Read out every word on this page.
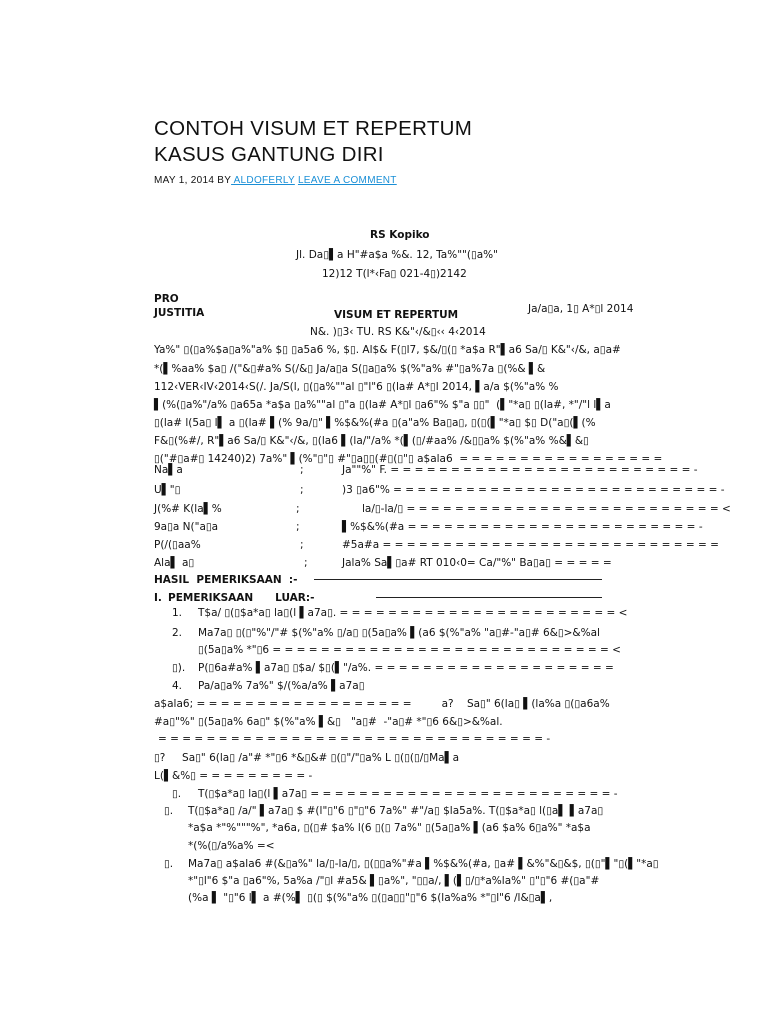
CONTOH VISUM ET REPERTUM
KASUS GANTUNG DIRI
MAY 1, 2014 BY ALDOFERLY LEAVE A COMMENT
RS Kopiko
Jl. Da▯▌a H"#a$a %&. 12, Ta%""(▯a%"
12)12 T(l*‹Fa▯ 021-4▯)2142
Ja/a▯a, 1▯ A*▯l 2014
PRO
JUSTITIA	VISUM ET REPERTUM
N&. )▯3‹ TU. RS K&"‹/&▯‹‹ 4‹2014
Ya%" ▯(▯a%$a▯a%"a% $▯ ▯a5a6 %, $▯. Al$& F(▯l7, $&/▯(▯ *a$a R"▌a6 Sa/▯ K&"‹/&, a▯a#
*(▌%aa% $a▯ /("&▯#a% S(/&▯ Ja/a▯a S(▯a▯a% $(%"a% #"▯a%7a ▯(%& ▌&
112‹VER‹IV‹2014‹S(/. Ja/S(l, ▯(▯a%""al ▯"l"6 ▯(la# A*▯l 2014, ▌a/a $(%"a% %
▌(%(▯a%"/a% ▯a65a *a$a ▯a%""al ▯"a ▯(la# A*▯l ▯a6"% $"a ▯▯"  (▌"*a▯ ▯(la#, *"/"l l▌a
▯(la# l(5a▯ l▌ a ▯(la# ▌(% 9a/▯" ▌%$&%(#a ▯(a"a% Ba▯a▯, ▯(▯(▌"*a▯ $▯ D("a▯(▌(%
F&▯(%#/, R"▌a6 Sa/▯ K&"‹/&, ▯(la6 ▌(la/"/a% *(▌(▯/#aa% /&▯▯a% $(%"a% %&▌&▯
▯("#▯a#▯ 14240)2) 7a%" ▌(%"▯"▯ #"▯a▯▯(#▯(▯"▯ a$ala6  = = = = = = = = = = = = = = = = =
Na▌a	;	Ja""%" F. = = = = = = = = = = = = = = = = = = = = = = = = = -
U▌"▯	;	)3 ▯a6"% = = = = = = = = = = = = = = = = = = = = = = = = = = = -
J(%# K(la▌%	;	la/▯-la/▯ = = = = = = = = = = = = = = = = = = = = = = = = = = <
9a▯a N("a▯a	;	▌%$&%(#a = = = = = = = = = = = = = = = = = = = = = = = = -
P(/(▯aa%	;	#5a#a = = = = = = = = = = = = = = = = = = = = = = = = = = = =
Ala▌ a▯	;	Jala% Sa▌▯a# RT 010‹0= Ca/"%" Ba▯a▯ = = = = =
HASIL  PEMERIKSAAN  :-
I. PEMERIKSAAN      LUAR:-
1. T$a/ ▯(▯$a*a▯ la▯(l ▌a7a▯. = = = = = = = = = = = = = = = = = = = = = = = <
2. Ma7a▯ ▯(▯"%"/"# $(%"a% ▯/a▯ ▯(5a▯a% ▌(a6 $(%"a% "a▯#-"a▯# 6&▯>&%al
▯(5a▯a% *"▯6 = = = = = = = = = = = = = = = = = = = = = = = = = = = = <
▯). P(▯6a#a% ▌a7a▯ ▯$a/ $▯(▌"/a%. = = = = = = = = = = = = = = = = = = = =
4. Pa/a▯a% 7a%" $/(%a/a% ▌a7a▯
a$ala6; = = = = = = = = = = = = = = = = = =         a?    Sa▯" 6(la▯ ▌(la%a ▯(▯a6a%
#a▯"%" ▯(5a▯a% 6a▯" $(%"a% ▌&▯   "a▯#  -"a▯# *"▯6 6&▯>&%al.
= = = = = = = = = = = = = = = = = = = = = = = = = = = = = = = = -
▯?     Sa▯" 6(la▯ /a"# *"▯6 *&▯&# ▯(▯"/"▯a% L ▯(▯(▯/▯Ma▌a
L(▌&%▯ = = = = = = = = = -
▯. T(▯$a*a▯ la▯(l ▌a7a▯ = = = = = = = = = = = = = = = = = = = = = = = = = -
▯. T(▯$a*a▯ /a/" ▌a7a▯ $ #(l"▯"6 ▯"▯"6 7a%" #"/a▯ $la5a%. T(▯$a*a▯ l(▯a▌ ▌a7a▯
*a$a *"%"""%", *a6a, ▯(▯# $a% l(6 ▯(▯ 7a%" ▯(5a▯a% ▌(a6 $a% 6▯a%" *a$a
*(%(▯/a%a% =<
▯. Ma7a▯ a$ala6 #(&▯a%" la/▯-la/▯, ▯(▯▯a%"#a ▌%$&%(#a, ▯a# ▌&%"&▯&$, ▯(▯"▌"▯(▌"*a▯
*"▯l"6 $"a ▯a6"%, 5a%a /"▯l #a5& ▌▯a%", "▯▯a/, ▌(▌▯/▯*a%la%" ▯"▯"6 #(▯a"#
(%a ▌ "▯"6 l▌ a #(%▌ ▯(▯ $(%"a% ▯(▯a▯▯"▯"6 $(la%a% *"▯l"6 /l&▯a▌,
